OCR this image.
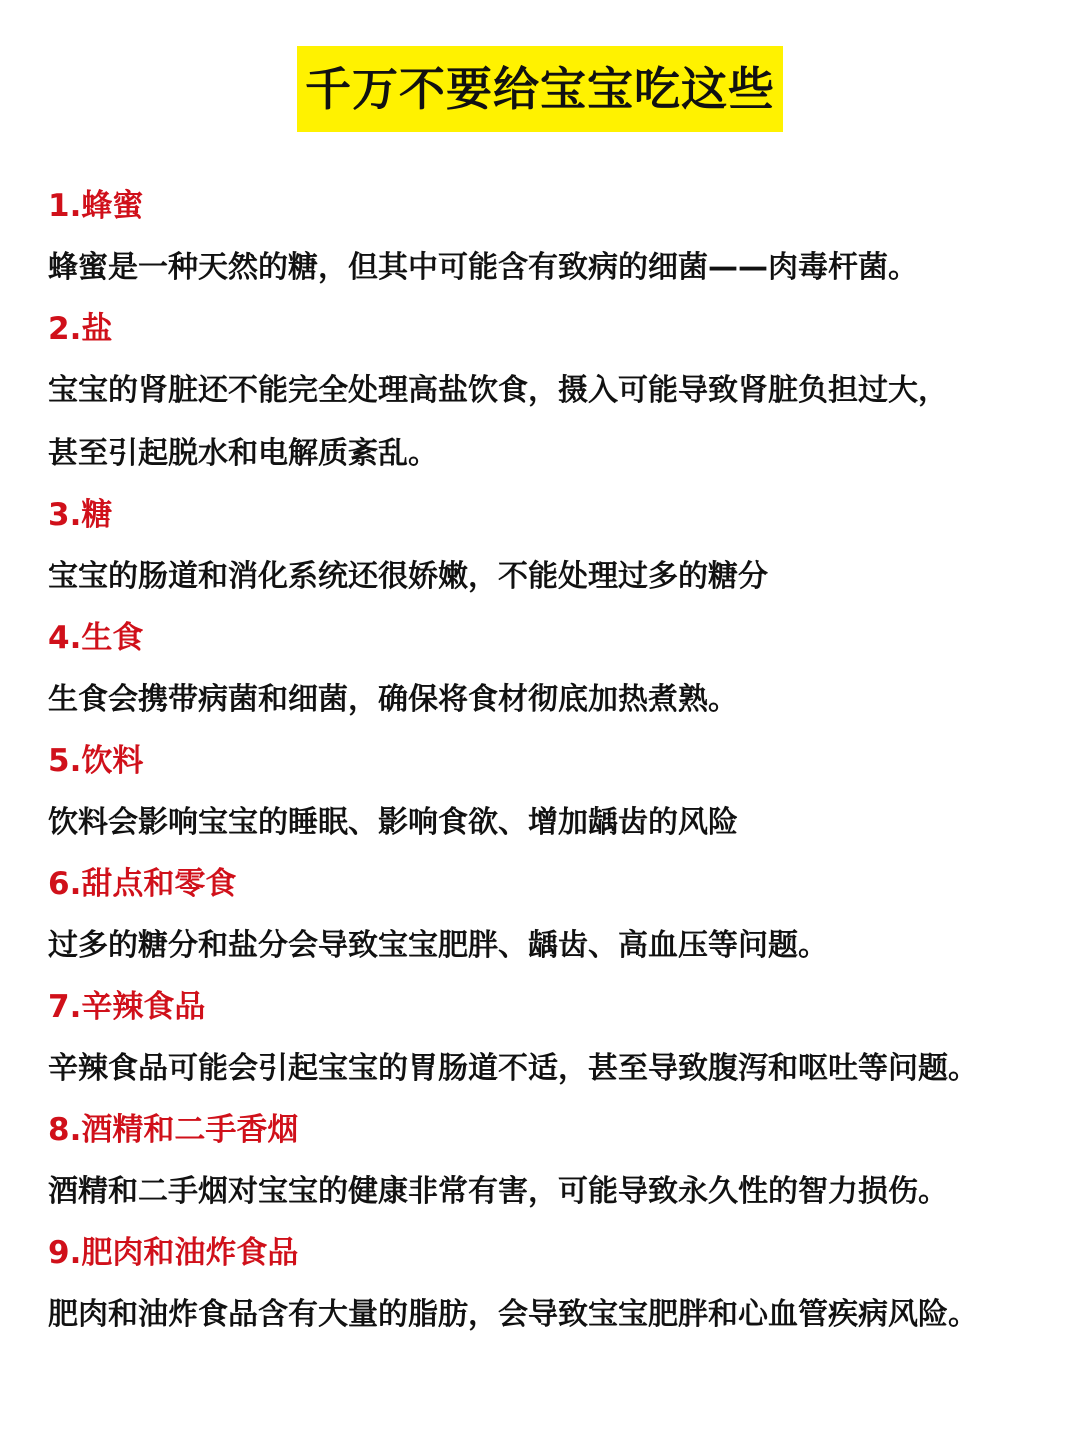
千万不要给宝宝吃这些
1.蜂蜜
蜂蜜是一种天然的糖，但其中可能含有致病的细菌——肉毒杆菌。
2.盐
宝宝的肾脏还不能完全处理高盐饮食，摄入可能导致肾脏负担过大，
甚至引起脱水和电解质紊乱。
3.糖
宝宝的肠道和消化系统还很娇嫩，不能处理过多的糖分
4.生食
生食会携带病菌和细菌，确保将食材彻底加热煮熟。
5.饮料
饮料会影响宝宝的睡眠、影响食欲、增加龋齿的风险
6.甜点和零食
过多的糖分和盐分会导致宝宝肥胖、龋齿、高血压等问题。
7.辛辣食品
辛辣食品可能会引起宝宝的胃肠道不适，甚至导致腹泻和呕吐等问题。
8.酒精和二手香烟
酒精和二手烟对宝宝的健康非常有害，可能导致永久性的智力损伤。
9.肥肉和油炸食品
肥肉和油炸食品含有大量的脂肪，会导致宝宝肥胖和心血管疾病风险。
